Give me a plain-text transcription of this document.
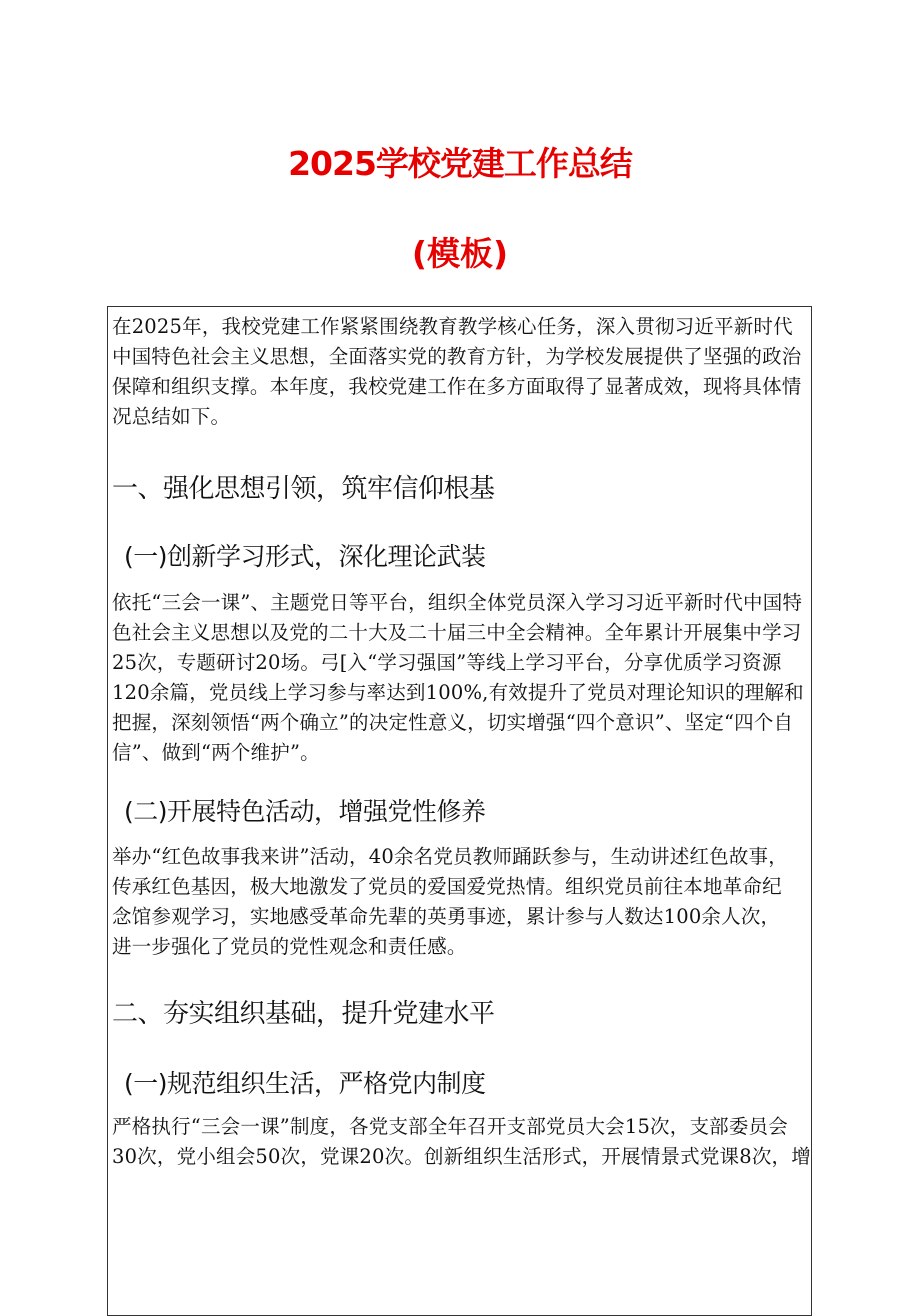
2025学校党建工作总结
(模板)

在2025年，我校党建工作紧紧围绕教育教学核心任务，深入贯彻习近平新时代中国特色社会主义思想，全面落实党的教育方针，为学校发展提供了坚强的政治保障和组织支撑。本年度，我校党建工作在多方面取得了显著成效，现将具体情况总结如下。

一、强化思想引领，筑牢信仰根基
(一)创新学习形式，深化理论武装

依托“三会一课”、主题党日等平台，组织全体党员深入学习习近平新时代中国特色社会主义思想以及党的二十大及二十届三中全会精神。全年累计开展集中学习25次，专题研讨20场。弓[入“学习强国”等线上学习平台，分享优质学习资源120余篇，党员线上学习参与率达到100%,有效提升了党员对理论知识的理解和把握，深刻领悟“两个确立”的决定性意义，切实增强“四个意识”、坚定“四个自信”、做到“两个维护”。

(二)开展特色活动，增强党性修养

举办“红色故事我来讲”活动，40余名党员教师踊跃参与，生动讲述红色故事，传承红色基因，极大地激发了党员的爱国爱党热情。组织党员前往本地革命纪念馆参观学习，实地感受革命先辈的英勇事迹，累计参与人数达100余人次，进一步强化了党员的党性观念和责任感。

二、夯实组织基础，提升党建水平
(一)规范组织生活，严格党内制度

严格执行“三会一课”制度，各党支部全年召开支部党员大会15次，支部委员会30次，党小组会50次，党课20次。创新组织生活形式，开展情景式党课8次，增
